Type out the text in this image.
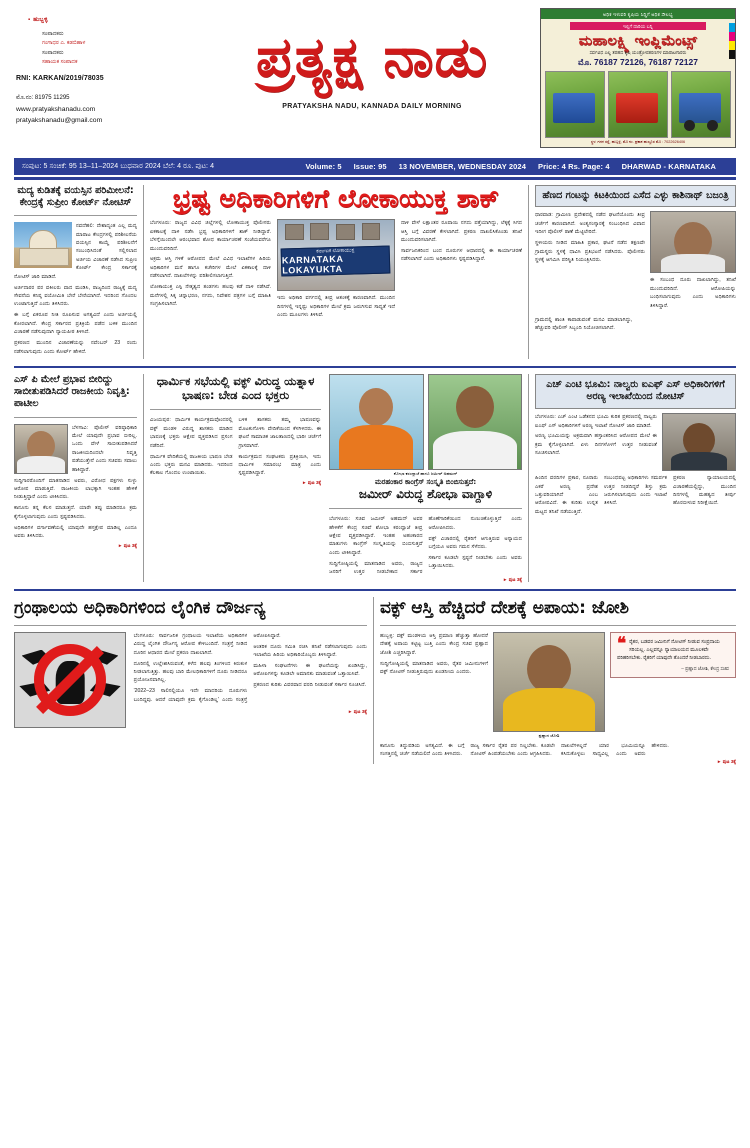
▪ ಹುಬ್ಬಳ್ಳಿ
ಸಂಪಾದಕರು
ಗಂಗಾಧರ ಎ. ಕಡಬಿಹಾಳ
ಸಂಪಾದಕರು
ಸಹಾಯಕ ಸಂಪಾದಕ
RNI: KARKAN/2019/78035
ಮೊ.ನಂ: 81975 11295
www.pratyakshanadu.com
pratyakshanadu@gmail.com
ಪ್ರತ್ಯಕ್ಷ ನಾಡು
PRATYAKSHA NADU, KANNADA DAILY MORNING
ಅಧಿಕ ಇಳುವರಿ ಕೃಷಿಯ ಸಿಧ್ಧಿಗೆ ಅಧಿಕ ಸೌಲಭ್ಯ
ಇಲ್ಲಿಗೆ ದಾರಿಯ ಬನ್ನಿ
ಮಹಾಲಕ್ಷ್ಮಿ ಇಂಪ್ಲಿಮೆಂಟ್ಸ್
ಸರ್ವವಿಧ ಎಲ್ಲ ತರಹದ ಕೃಷಿ ಯಂತ್ರೋಪಕರಣಗಳ ಮಾರಾಟಗಾರರು
ಮೊ. 76187 72126, 76187 72127
ಸ್ಥಳ: ಗದಗ ರಸ್ತೆ, ಹುಬ್ಬಳ್ಳಿ, ಮೊ ನಂ. ಪ್ರಕಾಶ ಹುಲ್ಲೂರ ಮೊ : 7022626406
ಸಂಪುಟ: 5 ಸಂಚಿಕೆ: 95 13–11–2024 ಬುಧವಾರ 2024 ಬೆಲೆ: 4 ರೂ. ಪುಟ: 4	Volume: 5 Issue: 95 13 NOVEMBER, WEDNESDAY 2024 Price: 4 Rs. Page: 4 DHARWAD - KARNATAKA
ಮದ್ಯ ಕುಡಿತಕ್ಕೆ ವಯಸ್ಸಿನ ಪರಿಮೀಲನೆ: ಕೇಂದ್ರಕ್ಕೆ ಸುಪ್ರೀಂ ಕೋರ್ಟ್ ನೋಟಿಸ್

ನವದೆಹಲಿ: ದೇಶಾದ್ಯಂತ ಎಲ್ಲ ಮದ್ಯ ಮಾರಾಟ ಕೇಂದ್ರಗಳಲ್ಲಿ ಪರಿಶೀಲನೆಯ ವಯಸ್ಸಿನ ಕಾಯ್ದೆ ಪರಿಶೀಲನೆಗೆ ಸಂಬಂಧಿಸಿದಂತೆ ಸಲ್ಲಿಸಲಾದ ಅರ್ಜಿಯ ವಿಚಾರಣೆ ನಡೆಸಿದ ಸುಪ್ರೀಂ ಕೋರ್ಟ್ ಕೇಂದ್ರ ಸರ್ಕಾರಕ್ಕೆ ನೋಟಿಸ್ ಜಾರಿ ಮಾಡಿದೆ.

ಅರ್ಜಿದಾರರ ಪರ ವಕೀಲರು ವಾದ ಮಂಡಿಸಿ, ರಾಜ್ಯದಿಂದ ರಾಜ್ಯಕ್ಕೆ ಮದ್ಯ ಸೇವನೆಯ ಕನಿಷ್ಠ ವಯೋಮಿತಿ ಬೇರೆ ಬೇರೆಯಾಗಿದೆ. ಇದರಿಂದ ಗೊಂದಲ ಉಂಟಾಗುತ್ತಿದೆ ಎಂದು ತಿಳಿಸಿದರು.

ಈ ಬಗ್ಗೆ ಏಕರೂಪ ನೀತಿ ರೂಪಿಸುವ ಅಗತ್ಯವಿದೆ ಎಂದು ಅರ್ಜಿಯಲ್ಲಿ ಕೋರಲಾಗಿದೆ. ಕೇಂದ್ರ ಸರ್ಕಾರದ ಪ್ರತಿಕ್ರಿಯೆ ಪಡೆದ ಬಳಿಕ ಮುಂದಿನ ವಿಚಾರಣೆ ನಡೆಸುವುದಾಗಿ ನ್ಯಾಯಪೀಠ ತಿಳಿಸಿದೆ.

ಪ್ರಕರಣದ ಮುಂದಿನ ವಿಚಾರಣೆಯನ್ನು ನವೆಂಬರ್ 23 ರಂದು ನಡೆಸಲಾಗುವುದು ಎಂದು ಕೋರ್ಟ್ ಹೇಳಿದೆ.

ಭ್ರಷ್ಟ ಅಧಿಕಾರಿಗಳಿಗೆ ಲೋಕಾಯುಕ್ತ ಶಾಕ್

ಬೆಂಗಳೂರು: ರಾಜ್ಯದ ವಿವಿಧ ಜಿಲ್ಲೆಗಳಲ್ಲಿ ಲೋಕಾಯುಕ್ತ ಪೊಲೀಸರು ಏಕಕಾಲಕ್ಕೆ ದಾಳಿ ನಡೆಸಿ ಭ್ರಷ್ಟ ಅಧಿಕಾರಿಗಳಿಗೆ ಶಾಕ್ ನೀಡಿದ್ದಾರೆ. ಬೆಳಗ್ಗೆಯಿಂದಲೇ ಆರಂಭವಾದ ಶೋಧ ಕಾರ್ಯಾಚರಣೆ ಸಂಜೆಯವರೆಗೂ ಮುಂದುವರಿದಿದೆ.

ಅಕ್ರಮ ಆಸ್ತಿ ಗಳಿಕೆ ಆರೋಪದ ಮೇಲೆ ವಿವಿಧ ಇಲಾಖೆಗಳ ಹಿರಿಯ ಅಧಿಕಾರಿಗಳ ಮನೆ ಹಾಗೂ ಕಚೇರಿಗಳ ಮೇಲೆ ಏಕಕಾಲಕ್ಕೆ ದಾಳಿ ನಡೆಸಲಾಗಿದೆ. ದಾಖಲೆಗಳನ್ನು ಪರಿಶೀಲಿಸಲಾಗುತ್ತಿದೆ.

ಲೋಕಾಯುಕ್ತ ಎಸ್ಪಿ ನೇತೃತ್ವದ ತಂಡಗಳು ಹಲವು ಕಡೆ ದಾಳಿ ನಡೆಸಿವೆ. ಮನೆಗಳಲ್ಲಿ ಸಿಕ್ಕ ಚಿನ್ನಾಭರಣ, ನಗದು, ನಿವೇಶನ ಪತ್ರಗಳ ಬಗ್ಗೆ ಮಾಹಿತಿ ಸಂಗ್ರಹಿಸಲಾಗಿದೆ.

ಕರ್ನಾಟಕ ಲೋಕಾಯುಕ್ತ
KARNATAKA LOKAYUKTA

ಇದು ಅಧಿಕಾರಿ ವರ್ಗದಲ್ಲಿ ತೀವ್ರ ಆತಂಕಕ್ಕೆ ಕಾರಣವಾಗಿದೆ. ಮುಂದಿನ ದಿನಗಳಲ್ಲಿ ಇನ್ನಷ್ಟು ಅಧಿಕಾರಿಗಳ ಮೇಲೆ ಕ್ರಮ ಜರುಗಿಸುವ ಸಾಧ್ಯತೆ ಇದೆ ಎಂದು ಮೂಲಗಳು ತಿಳಿಸಿವೆ.

ದಾಳಿ ವೇಳೆ ಲಕ್ಷಾಂತರ ರೂಪಾಯಿ ನಗದು ಪತ್ತೆಯಾಗಿದ್ದು, ಲೆಕ್ಕಕ್ಕೆ ಸಿಗದ ಆಸ್ತಿ ಬಗ್ಗೆ ವಿವರಣೆ ಕೇಳಲಾಗಿದೆ. ಪ್ರಕರಣ ದಾಖಲಿಸಿಕೊಂಡು ತನಿಖೆ ಮುಂದುವರಿಸಲಾಗಿದೆ.

ಸಾರ್ವಜನಿಕರಿಂದ ಬಂದ ದೂರುಗಳ ಆಧಾರದಲ್ಲಿ ಈ ಕಾರ್ಯಾಚರಣೆ ನಡೆಸಲಾಗಿದೆ ಎಂದು ಅಧಿಕಾರಿಗಳು ಸ್ಪಷ್ಟಪಡಿಸಿದ್ದಾರೆ.

ಹೆಣದ ಗಂಟನ್ನು ಕಿಟಕಿಯಿಂದ ಎಸೆದ ಎಳ್ಳು ಕಾಶಿನಾಥ್ ಬಜಂತ್ರಿ

ಧಾರವಾಡ: ಗ್ರಾಮೀಣ ಪ್ರದೇಶದಲ್ಲಿ ನಡೆದ ಘಟನೆಯೊಂದು ತೀವ್ರ ಚರ್ಚೆಗೆ ಕಾರಣವಾಗಿದೆ. ಅಂತ್ಯಸಂಸ್ಕಾರಕ್ಕೆ ಸಂಬಂಧಿಸಿದ ವಿವಾದ ಇದೀಗ ಪೊಲೀಸ್ ಠಾಣೆ ಮೆಟ್ಟಿಲೇರಿದೆ.

ಸ್ಥಳೀಯರು ನೀಡಿದ ಮಾಹಿತಿ ಪ್ರಕಾರ, ಘಟನೆ ನಡೆದ ತಕ್ಷಣವೇ ಗ್ರಾಮಸ್ಥರು ಸ್ಥಳಕ್ಕೆ ಧಾವಿಸಿ ಪ್ರತಿಭಟನೆ ನಡೆಸಿದರು. ಪೊಲೀಸರು ಸ್ಥಳಕ್ಕೆ ಆಗಮಿಸಿ ಪರಿಸ್ಥಿತಿ ನಿಯಂತ್ರಿಸಿದರು.

ಈ ಸಂಬಂಧ ದೂರು ದಾಖಲಾಗಿದ್ದು, ತನಿಖೆ ಮುಂದುವರಿದಿದೆ. ಆರೋಪಿಯನ್ನು ಬಂಧಿಸಲಾಗುವುದು ಎಂದು ಅಧಿಕಾರಿಗಳು ತಿಳಿಸಿದ್ದಾರೆ.

ಗ್ರಾಮದಲ್ಲಿ ಶಾಂತಿ ಕಾಪಾಡುವಂತೆ ಮನವಿ ಮಾಡಲಾಗಿದ್ದು, ಹೆಚ್ಚುವರಿ ಪೊಲೀಸ್ ಸಿಬ್ಬಂದಿ ನಿಯೋಜಿಸಲಾಗಿದೆ.

ಎಸ್ ಪಿ ಮೇಲೆ ಪ್ರಭಾವ ಬೀರಿದ್ದು ಸಾಬೀತುಪಡಿಸಿದರೆ ರಾಜಕೀಯ ನಿವೃತ್ತಿ: ಪಾಟೀಲ

ಬೆಳಗಾವಿ: ಪೊಲೀಸ್ ವರಿಷ್ಠಾಧಿಕಾರಿ ಮೇಲೆ ಯಾವುದೇ ಪ್ರಭಾವ ಬೀರಿಲ್ಲ. ಒಂದು ವೇಳೆ ಸಾಬೀತುಪಡಿಸಿದರೆ ರಾಜಕೀಯದಿಂದಲೇ ನಿವೃತ್ತಿ ಪಡೆಯುತ್ತೇನೆ ಎಂದು ಸಚಿವರು ಸವಾಲು ಹಾಕಿದ್ದಾರೆ.

ಸುದ್ದಿಗಾರರೊಂದಿಗೆ ಮಾತನಾಡಿದ ಅವರು, ವಿರೋಧ ಪಕ್ಷಗಳು ಸುಳ್ಳು ಆರೋಪ ಮಾಡುತ್ತಿವೆ. ರಾಜಕೀಯ ಲಾಭಕ್ಕಾಗಿ ಇಂತಹ ಹೇಳಿಕೆ ನೀಡುತ್ತಿದ್ದಾರೆ ಎಂದು ಟೀಕಿಸಿದರು.

ಕಾನೂನು ತನ್ನ ಕೆಲಸ ಮಾಡುತ್ತದೆ. ಯಾರೇ ತಪ್ಪು ಮಾಡಿದರೂ ಕ್ರಮ ಕೈಗೊಳ್ಳಲಾಗುವುದು ಎಂದು ಸ್ಪಷ್ಟಪಡಿಸಿದರು.

ಅಧಿಕಾರಿಗಳ ವರ್ಗಾವಣೆಯಲ್ಲಿ ಯಾವುದೇ ಹಸ್ತಕ್ಷೇಪ ಮಾಡಿಲ್ಲ ಎಂದೂ ಅವರು ತಿಳಿಸಿದರು.

► ಪುಟ 3ಕ್ಕೆ
ಧಾರ್ಮಿಕ ಸಭೆಯಲ್ಲಿ ವಕ್ಫ್ ವಿರುದ್ಧ ಯತ್ನಾಳ ಭಾಷಣ: ಬೇಡ ಎಂದ ಭಕ್ತರು

ವಿಜಯಪುರ: ಧಾರ್ಮಿಕ ಕಾರ್ಯಕ್ರಮವೊಂದರಲ್ಲಿ ವಕ್ಫ್ ಮಂಡಳಿ ವಿರುದ್ಧ ಶಾಸಕರು ಮಾಡಿದ ಭಾಷಣಕ್ಕೆ ಭಕ್ತರು ಆಕ್ಷೇಪ ವ್ಯಕ್ತಪಡಿಸಿದ ಪ್ರಸಂಗ ನಡೆದಿದೆ.

ಧಾರ್ಮಿಕ ವೇದಿಕೆಯಲ್ಲಿ ರಾಜಕೀಯ ಭಾಷಣ ಬೇಡ ಎಂದು ಭಕ್ತರು ಮನವಿ ಮಾಡಿದರು. ಇದರಿಂದ ಕೆಲಕಾಲ ಗೊಂದಲ ಉಂಟಾಯಿತು.

ಬಳಿಕ ಶಾಸಕರು ತಮ್ಮ ಭಾಷಣವನ್ನು ಮೊಟಕುಗೊಳಿಸಿ ವೇದಿಕೆಯಿಂದ ಕೆಳಗಿಳಿದರು. ಈ ಘಟನೆ ಸಾಮಾಜಿಕ ಜಾಲತಾಣದಲ್ಲಿ ಭಾರೀ ಚರ್ಚೆಗೆ ಗ್ರಾಸವಾಗಿದೆ.

ಕಾರ್ಯಕ್ರಮದ ಸಂಘಟಕರು ಪ್ರತಿಕ್ರಿಯಿಸಿ, ಇದು ಧಾರ್ಮಿಕ ಸಮಾರಂಭ ಮಾತ್ರ ಎಂದು ಸ್ಪಷ್ಟಪಡಿಸಿದ್ದಾರೆ.

► ಪುಟ 3ಕ್ಕೆ
ಶೋಭಾ ಕರಂದ್ಲಾಜೆ ಹಾಗೂ ಜಮೀರ್ ಅಹಮದ್
ಮರಹಂಕಾರ ಕಾಂಗ್ರೆಸ್ ಸಂಸ್ಕೃತಿ ಬಿಂಬಿಸುತ್ತದೆ:
ಜಮೀರ್ ವಿರುದ್ಧ ಶೋಭಾ ವಾಗ್ದಾಳಿ

ಬೆಂಗಳೂರು: ಸಚಿವ ಜಮೀರ್ ಅಹಮದ್ ಅವರ ಹೇಳಿಕೆಗೆ ಕೇಂದ್ರ ಸಚಿವೆ ಶೋಭಾ ಕರಂದ್ಲಾಜೆ ತೀವ್ರ ಆಕ್ಷೇಪ ವ್ಯಕ್ತಪಡಿಸಿದ್ದಾರೆ. ಇಂತಹ ಅಹಂಕಾರದ ಮಾತುಗಳು ಕಾಂಗ್ರೆಸ್ ಸಂಸ್ಕೃತಿಯನ್ನು ಬಿಂಬಿಸುತ್ತವೆ ಎಂದು ಟೀಕಿಸಿದ್ದಾರೆ.

ಸುದ್ದಿಗೋಷ್ಠಿಯಲ್ಲಿ ಮಾತನಾಡಿದ ಅವರು, ರಾಜ್ಯದ ಜನರಿಗೆ ಉತ್ತರ ನೀಡಬೇಕಾದ ಸರ್ಕಾರ ಹೊಣೆಗಾರಿಕೆಯಿಂದ ನುಣುಚಿಕೊಳ್ಳುತ್ತಿದೆ ಎಂದು ಆರೋಪಿಸಿದರು.

ವಕ್ಫ್ ವಿಚಾರದಲ್ಲಿ ರೈತರಿಗೆ ಆಗುತ್ತಿರುವ ಅನ್ಯಾಯದ ಬಗ್ಗೆಯೂ ಅವರು ಗಮನ ಸೆಳೆದರು.

ಸರ್ಕಾರ ಕೂಡಲೇ ಸ್ಪಷ್ಟನೆ ನೀಡಬೇಕು ಎಂದು ಅವರು ಒತ್ತಾಯಿಸಿದರು.

► ಪುಟ 3ಕ್ಕೆ
ಎಚ್ ಎಂಟಿ ಭೂಮಿ: ನಾಲ್ವರು ಐಎಫ್ ಎಸ್ ಅಧಿಕಾರಿಗಳಿಗೆ ಅರಣ್ಯ ಇಲಾಖೆಯಿಂದ ನೋಟಿಸ್

ಬೆಂಗಳೂರು: ಎಚ್ ಎಂಟಿ ಒಡೆತನದ ಭೂಮಿ ಕುರಿತ ಪ್ರಕರಣದಲ್ಲಿ ನಾಲ್ವರು ಐಎಫ್ ಎಸ್ ಅಧಿಕಾರಿಗಳಿಗೆ ಅರಣ್ಯ ಇಲಾಖೆ ನೋಟಿಸ್ ಜಾರಿ ಮಾಡಿದೆ.

ಅರಣ್ಯ ಭೂಮಿಯನ್ನು ಅಕ್ರಮವಾಗಿ ಹಸ್ತಾಂತರಿಸಿದ ಆರೋಪದ ಮೇಲೆ ಈ ಕ್ರಮ ಕೈಗೊಳ್ಳಲಾಗಿದೆ. ಏಳು ದಿನಗಳೊಳಗೆ ಉತ್ತರ ನೀಡುವಂತೆ ಸೂಚಿಸಲಾಗಿದೆ.

ಹಿಂದಿನ ವರದಿಗಳ ಪ್ರಕಾರ, ನೂರಾರು ಎಕರೆ ಅರಣ್ಯ ಪ್ರದೇಶ ಒತ್ತುವರಿಯಾಗಿದೆ ಎಂಬ ಆರೋಪವಿದೆ. ಈ ಕುರಿತು ಉನ್ನತ ಮಟ್ಟದ ತನಿಖೆ ನಡೆಯುತ್ತಿದೆ.

ಸಂಬಂಧಪಟ್ಟ ಅಧಿಕಾರಿಗಳು ಸಮರ್ಪಕ ಉತ್ತರ ನೀಡದಿದ್ದರೆ ಶಿಸ್ತು ಕ್ರಮ ಜರುಗಿಸಲಾಗುವುದು ಎಂದು ಇಲಾಖೆ ತಿಳಿಸಿದೆ.

ಪ್ರಕರಣ ನ್ಯಾಯಾಲಯದಲ್ಲಿ ವಿಚಾರಣೆಯಲ್ಲಿದ್ದು, ಮುಂದಿನ ದಿನಗಳಲ್ಲಿ ಮಹತ್ವದ ತೀರ್ಪು ಹೊರಬೀಳುವ ನಿರೀಕ್ಷೆಯಿದೆ.

ಗ್ರಂಥಾಲಯ ಅಧಿಕಾರಿಗಳಿಂದ ಲೈಂಗಿಕ ದೌರ್ಜನ್ಯ

ಬೆಂಗಳೂರು: ಸಾರ್ವಜನಿಕ ಗ್ರಂಥಾಲಯ ಇಲಾಖೆಯ ಅಧಿಕಾರಿಗಳ ವಿರುದ್ಧ ಲೈಂಗಿಕ ದೌರ್ಜನ್ಯ ಆರೋಪ ಕೇಳಿಬಂದಿದೆ. ಸಂತ್ರಸ್ತೆ ನೀಡಿದ ದೂರಿನ ಆಧಾರದ ಮೇಲೆ ಪ್ರಕರಣ ದಾಖಲಾಗಿದೆ.

ದೂರಿನಲ್ಲಿ ಉಲ್ಲೇಖಿಸಿರುವಂತೆ, ಕಳೆದ ಹಲವು ತಿಂಗಳಿಂದ ಕಿರುಕುಳ ನೀಡಲಾಗುತ್ತಿತ್ತು. ಹಲವು ಬಾರಿ ಮೇಲಧಿಕಾರಿಗಳಿಗೆ ದೂರು ನೀಡಿದರೂ ಪ್ರಯೋಜನವಾಗಿಲ್ಲ.

'2022–23 ಸಾಲಿನಲ್ಲಿಯೂ ಇದೇ ಮಾದರಿಯ ದೂರುಗಳು ಬಂದಿದ್ದವು. ಆದರೆ ಯಾವುದೇ ಕ್ರಮ ಕೈಗೊಂಡಿಲ್ಲ' ಎಂದು ಸಂತ್ರಸ್ತೆ ಆರೋಪಿಸಿದ್ದಾರೆ.

ಆಂತರಿಕ ದೂರು ಸಮಿತಿ ರಚಿಸಿ ತನಿಖೆ ನಡೆಸಲಾಗುವುದು ಎಂದು ಇಲಾಖೆಯ ಹಿರಿಯ ಅಧಿಕಾರಿಯೊಬ್ಬರು ತಿಳಿಸಿದ್ದಾರೆ.

ಮಹಿಳಾ ಸಂಘಟನೆಗಳು ಈ ಘಟನೆಯನ್ನು ಖಂಡಿಸಿದ್ದು, ಆರೋಪಿಗಳನ್ನು ಕೂಡಲೇ ಅಮಾನತು ಮಾಡುವಂತೆ ಒತ್ತಾಯಿಸಿವೆ.

ಪ್ರಕರಣದ ಕುರಿತು ವಿವರವಾದ ವರದಿ ನೀಡುವಂತೆ ಸರ್ಕಾರ ಸೂಚಿಸಿದೆ.

► ಪುಟ 3ಕ್ಕೆ
ವಕ್ಫ್ ಆಸ್ತಿ ಹೆಚ್ಚಿದರೆ ದೇಶಕ್ಕೆ ಅಪಾಯ: ಜೋಶಿ

ಹುಬ್ಬಳ್ಳಿ: ವಕ್ಫ್ ಮಂಡಳಿಯ ಆಸ್ತಿ ಪ್ರಮಾಣ ಹೆಚ್ಚುತ್ತಾ ಹೋದರೆ ದೇಶಕ್ಕೆ ಅಪಾಯ ಕಟ್ಟಿಟ್ಟ ಬುತ್ತಿ ಎಂದು ಕೇಂದ್ರ ಸಚಿವ ಪ್ರಹ್ಲಾದ ಜೋಶಿ ಎಚ್ಚರಿಸಿದ್ದಾರೆ.

ಸುದ್ದಿಗೋಷ್ಠಿಯಲ್ಲಿ ಮಾತನಾಡಿದ ಅವರು, ರೈತರ ಜಮೀನುಗಳಿಗೆ ವಕ್ಫ್ ನೋಟಿಸ್ ನೀಡುತ್ತಿರುವುದು ಖಂಡನೀಯ ಎಂದರು.

ಪ್ರಹ್ಲಾದ ಜೋಶಿ
❝ ರೈತರ, ಬಡವರ ಜಮೀನಿಗೆ ನೋಟಿಸ್ ನೀಡುವ ಸಂಪ್ರದಾಯ ಸರಿಯಲ್ಲ. ಎಲ್ಲವನ್ನೂ ನ್ಯಾಯಾಲಯದ ಮೂಲಕವೇ ಪರಿಹರಿಸಬೇಕು. ರೈತರಿಗೆ ಯಾವುದೇ ತೊಂದರೆ ನೀಡಬಾರದು.
– ಪ್ರಹ್ಲಾದ ಜೋಶಿ, ಕೇಂದ್ರ ಸಚಿವ

ಕಾನೂನು ತಿದ್ದುಪಡಿಯ ಅಗತ್ಯವಿದೆ. ಈ ಬಗ್ಗೆ ಸಂಸತ್ತಿನಲ್ಲಿ ಚರ್ಚೆ ನಡೆಯಲಿದೆ ಎಂದು ತಿಳಿಸಿದರು.

ರಾಜ್ಯ ಸರ್ಕಾರ ರೈತರ ಪರ ನಿಲ್ಲಬೇಕು. ಕೂಡಲೇ ನೋಟಿಸ್ ಹಿಂಪಡೆಯಬೇಕು ಎಂದು ಆಗ್ರಹಿಸಿದರು.

ದಾಖಲೆಗಳಿಲ್ಲದೆ ಯಾರ ಭೂಮಿಯನ್ನೂ ಕಸಿದುಕೊಳ್ಳಲು ಸಾಧ್ಯವಿಲ್ಲ ಎಂದು ಅವರು ಹೇಳಿದರು.

► ಪುಟ 3ಕ್ಕೆ
